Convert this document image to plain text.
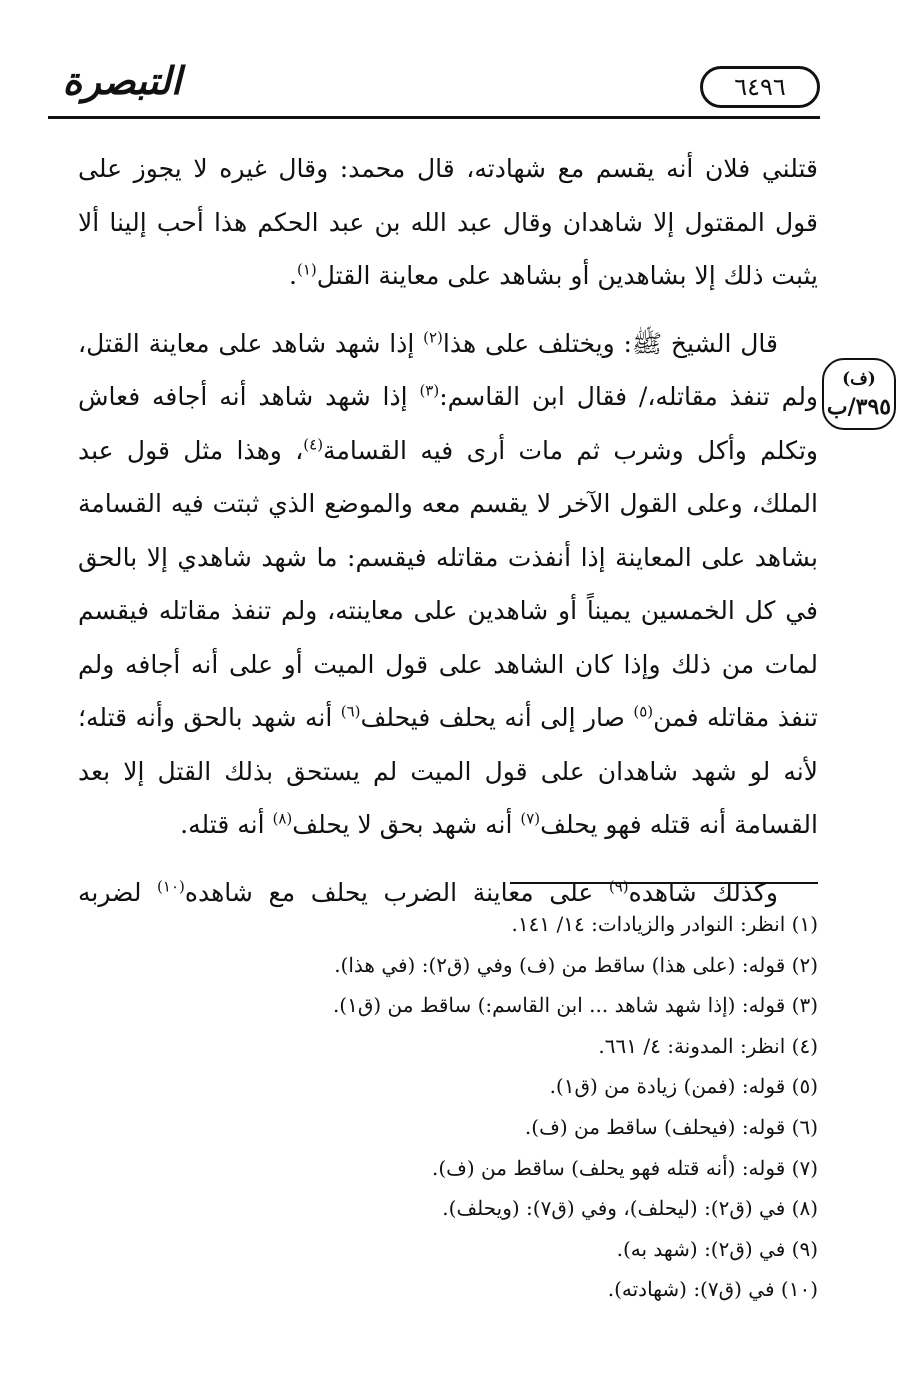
التبصرة	٦٤٩٦

قتلني فلان أنه يقسم مع شهادته، قال محمد: وقال غيره لا يجوز على قول المقتول إلا شاهدان وقال عبد الله بن عبد الحكم هذا أحب إلينا ألا يثبت ذلك إلا بشاهدين أو بشاهد على معاينة القتل$^{(١)}$.

قال الشيخ ﷺ: ويختلف على هذا$^{(٢)}$ إذا شهد شاهد على معاينة القتل، ولم تنفذ مقاتله،/ فقال ابن القاسم:$^{(٣)}$ إذا شهد شاهد أنه أجافه فعاش وتكلم وأكل وشرب ثم مات أرى فيه القسامة$^{(٤)}$، وهذا مثل قول عبد الملك، وعلى القول الآخر لا يقسم معه والموضع الذي ثبتت فيه القسامة بشاهد على المعاينة إذا أنفذت مقاتله فيقسم: ما شهد شاهدي إلا بالحق في كل الخمسين يميناً أو شاهدين على معاينته، ولم تنفذ مقاتله فيقسم لمات من ذلك وإذا كان الشاهد على قول الميت أو على أنه أجافه ولم تنفذ مقاتله فمن$^{(٥)}$ صار إلى أنه يحلف فيحلف$^{(٦)}$ أنه شهد بالحق وأنه قتله؛ لأنه لو شهد شاهدان على قول الميت لم يستحق بذلك القتل إلا بعد القسامة أنه قتله فهو يحلف$^{(٧)}$ أنه شهد بحق لا يحلف$^{(٨)}$ أنه قتله.

وكذلك شاهده$^{(٩)}$ على معاينة الضرب يحلف مع شاهده$^{(١٠)}$ لضربه

(ف)
٣٩٥/ب
(١) انظر: النوادر والزيادات: ١٤/ ١٤١.
(٢) قوله: (على هذا) ساقط من (ف) وفي (ق٢): (في هذا).
(٣) قوله: (إذا شهد شاهد ... ابن القاسم:) ساقط من (ق١).
(٤) انظر: المدونة: ٤/ ٦٦١.
(٥) قوله: (فمن) زيادة من (ق١).
(٦) قوله: (فيحلف) ساقط من (ف).
(٧) قوله: (أنه قتله فهو يحلف) ساقط من (ف).
(٨) في (ق٢): (ليحلف)، وفي (ق٧): (ويحلف).
(٩) في (ق٢): (شهد به).
(١٠) في (ق٧): (شهادته).
